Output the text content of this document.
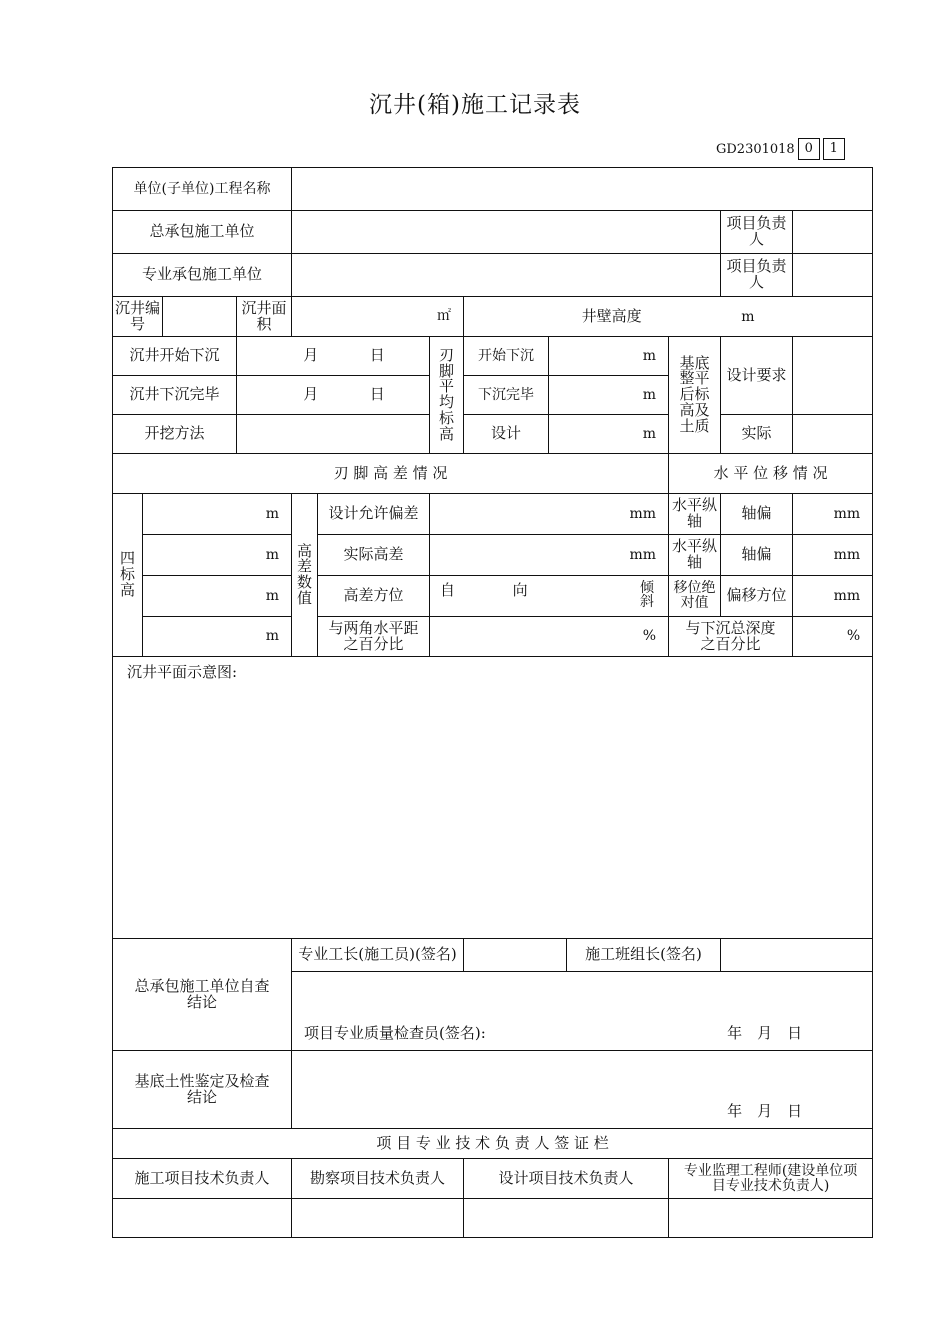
沉井(箱)施工记录表
GD2301018 0	1
单位(子单位)工程名称												
总承包施工单位											项目负责人	
专业承包施工单位											项目负责人	
沉井编号			沉井面积	㎡			井壁高度 m					
沉井开始下沉			月 日			刃脚平均标高	开始下沉	m		基底整平后标高及土质	设计要求	
沉井下沉完毕			月 日				下沉完毕	m				
开挖方法							设计	m			实际	
刃 脚 高 差 情 况										水 平 位 移 情 况		
四标高	m			高差数值	设计允许偏差	mm				水平纵轴	轴偏	mm
	m				实际高差	mm				水平纵轴	轴偏	mm
	m				高差方位	自 向 倾斜				移位绝对值	偏移方位	mm
	m				与两角水平距之百分比	%				与下沉总深度之百分比		%
沉井平面示意图:												
总承包施工单位自查结论				专业工长(施工员)(签名)					施工班组长(签名)			
				项目专业质量检查员(签名): 年　月　日								

基底土性鉴定及检查结论				年　月　日								
项 目 专 业 技 术 负 责 人 签 证 栏												
施工项目技术负责人				勘察项目技术负责人			设计项目技术负责人			专业监理工程师(建设单位项目专业技术负责人)		
